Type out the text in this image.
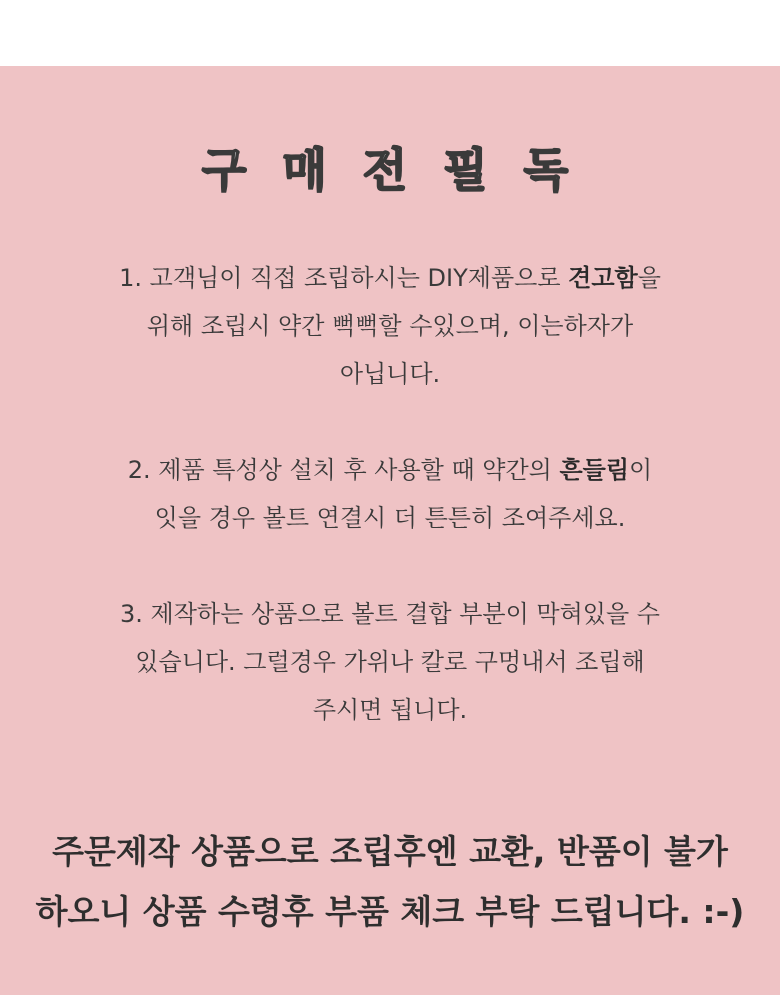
구 매 전 필 독
1. 고객님이 직접 조립하시는 DIY제품으로 견고함을
위해 조립시 약간 뻑뻑할 수있으며, 이는하자가
아닙니다.
2. 제품 특성상 설치 후 사용할 때 약간의 흔들림이
잇을 경우 볼트 연결시 더 튼튼히 조여주세요.
3. 제작하는 상품으로 볼트 결합 부분이 막혀있을 수
있습니다. 그럴경우 가위나 칼로 구멍내서 조립해
주시면 됩니다.
주문제작 상품으로 조립후엔 교환, 반품이 불가
하오니 상품 수령후 부품 체크 부탁 드립니다. :-)
